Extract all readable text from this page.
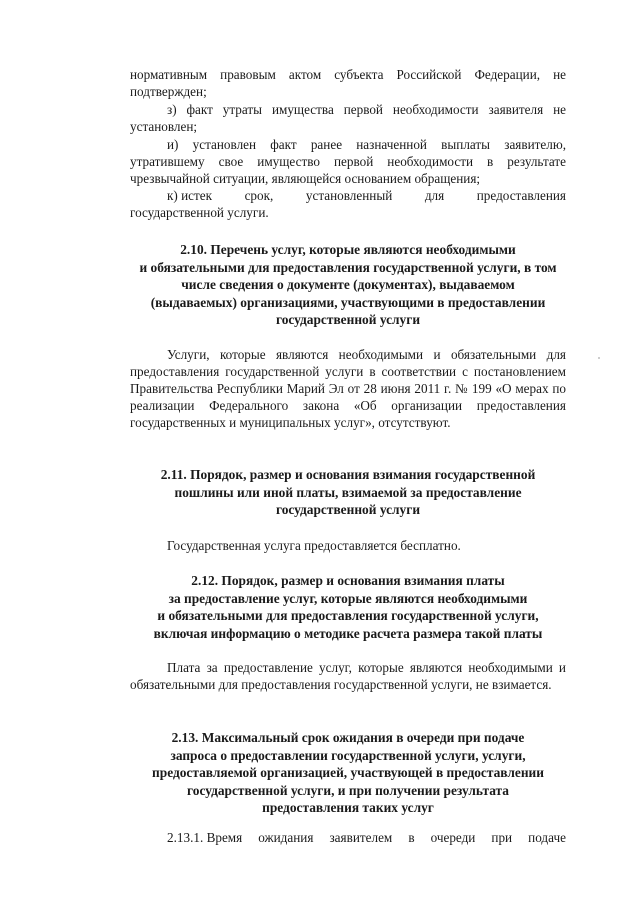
нормативным правовым актом субъекта Российской Федерации, не

подтвержден;

з) факт утраты имущества первой необходимости заявителя не

установлен;

и) установлен факт ранее назначенной выплаты заявителю, утратившему свое имущество первой необходимости в результате чрезвычайной ситуации, являющейся основанием обращения;

к) истек срок, установленный для предоставления

государственной услуги.

2.10. Перечень услуг, которые являются необходимыми
и обязательными для предоставления государственной услуги, в том
числе сведения о документе (документах), выдаваемом
(выдаваемых) организациями, участвующими в предоставлении
государственной услуги

Услуги, которые являются необходимыми и обязательными для предоставления государственной услуги в соответствии с постановлением Правительства Республики Марий Эл от 28 июня 2011 г. № 199 «О мерах по реализации Федерального закона «Об организации предоставления государственных и муниципальных услуг», отсутствуют.

2.11. Порядок, размер и основания взимания государственной
пошлины или иной платы, взимаемой за предоставление
государственной услуги

Государственная услуга предоставляется бесплатно.

2.12. Порядок, размер и основания взимания платы
за предоставление услуг, которые являются необходимыми
и обязательными для предоставления государственной услуги,
включая информацию о методике расчета размера такой платы

Плата за предоставление услуг, которые являются необходимыми и обязательными для предоставления государственной услуги, не взимается.

2.13. Максимальный срок ожидания в очереди при подаче
запроса о предоставлении государственной услуги, услуги,
предоставляемой организацией, участвующей в предоставлении
государственной услуги, и при получении результата
предоставления таких услуг
2.13.1. Время ожидания заявителем в очереди при подаче
